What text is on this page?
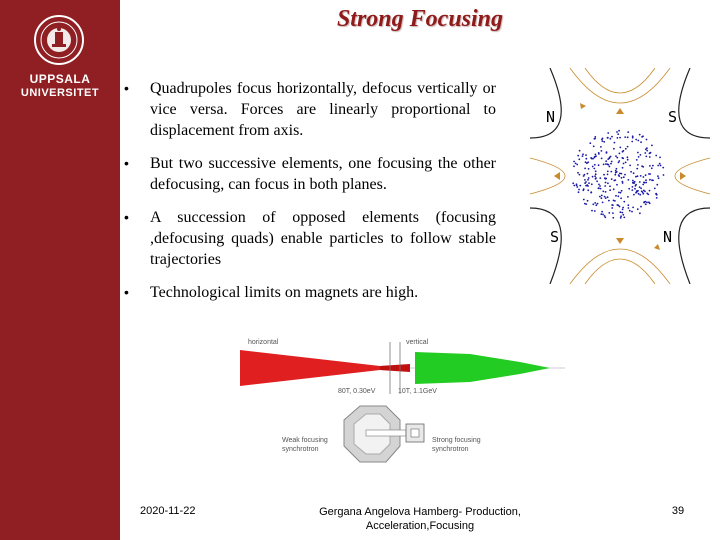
UPPSALA
UNIVERSITET
Strong Focusing
• Quadrupoles focus horizontally, defocus vertically or vice versa. Forces are linearly proportional to displacement from axis.
• But two successive elements, one focusing the other defocusing, can focus in both planes.
• A succession of opposed elements (focusing ,defocusing quads) enable particles to follow stable trajectories
• Technological limits on magnets are high.
N	S
S	N
horizontal	vertical
80T, 0.30eV	10T, 1.1GeV
Weak focusing
synchrotron
Strong focusing
synchrotron
2020-11-22	Gergana Angelova Hamberg- Production, Acceleration,Focusing
39
